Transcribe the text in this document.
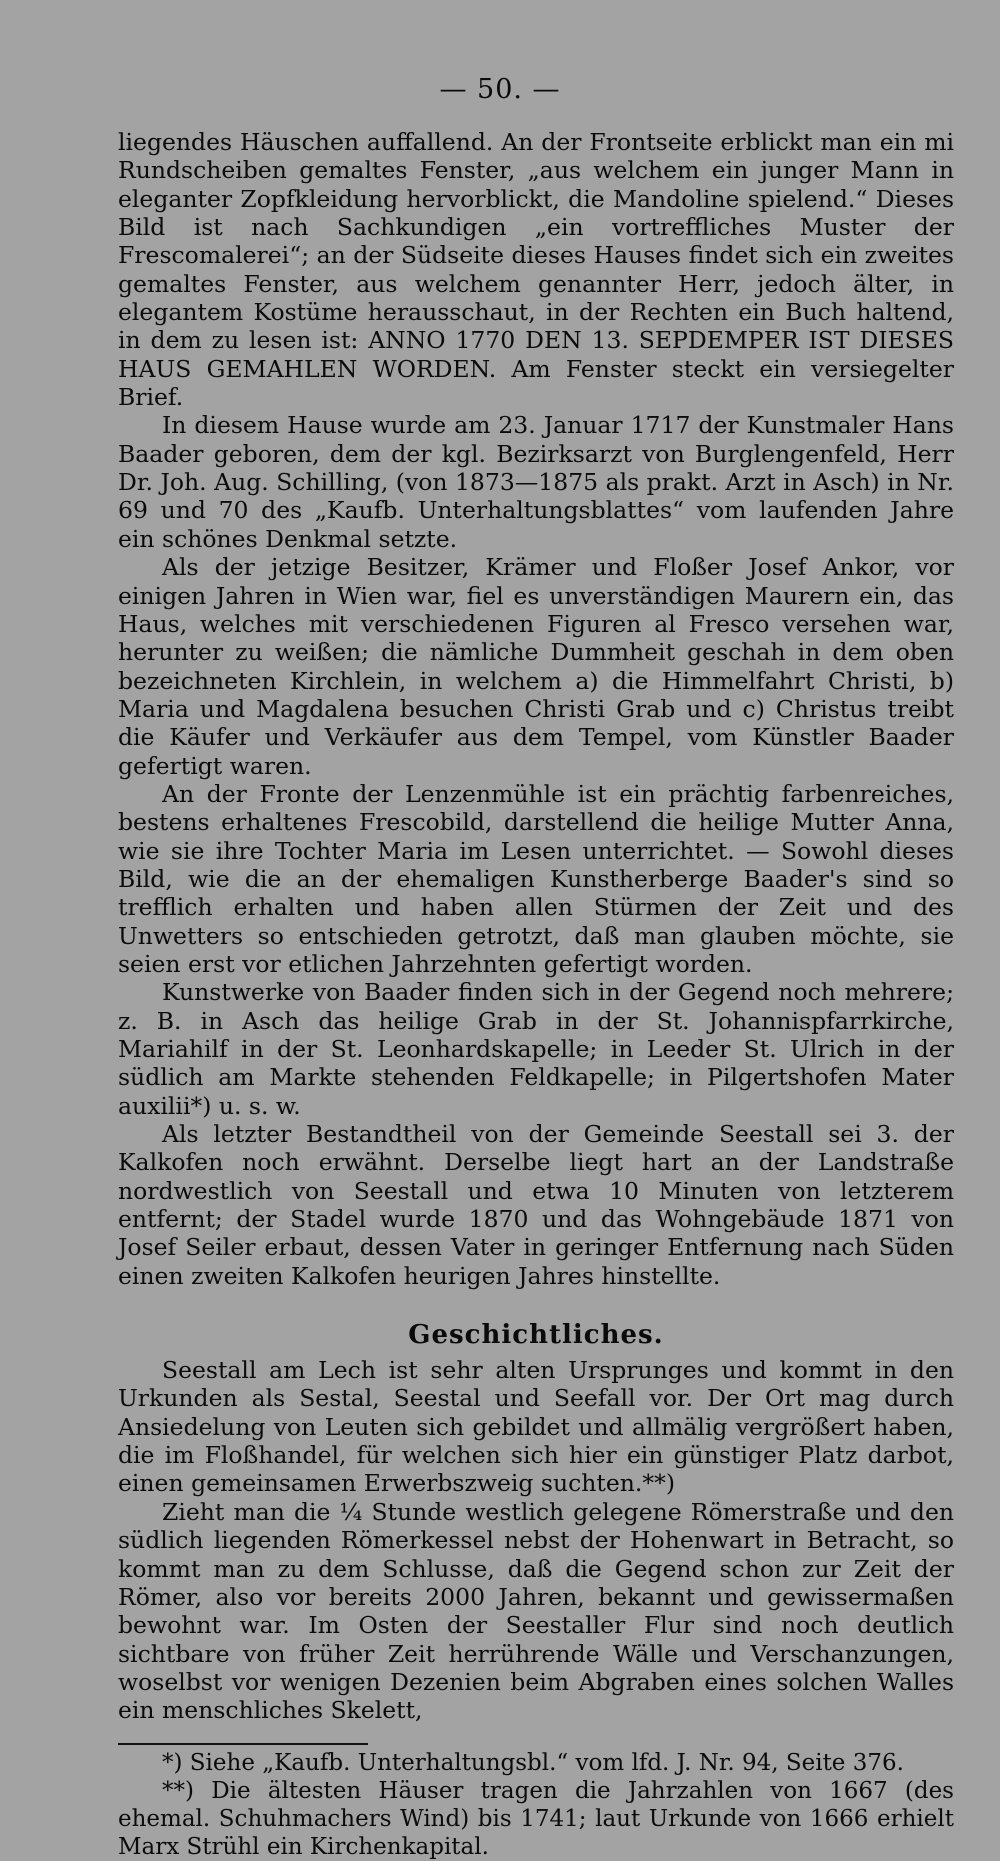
— 50. —

liegendes Häuschen auffallend. An der Frontseite erblickt man ein mi Rundscheiben gemaltes Fenster, „aus welchem ein junger Mann in eleganter Zopfkleidung hervorblickt, die Mandoline spielend.“ Dieses Bild ist nach Sachkundigen „ein vortreffliches Muster der Frescomalerei“; an der Südseite dieses Hauses findet sich ein zweites gemaltes Fenster, aus welchem genannter Herr, jedoch älter, in elegantem Kostüme herausschaut, in der Rechten ein Buch haltend, in dem zu lesen ist: ANNO 1770 DEN 13. SEPDEMPER IST DIESES HAUS GEMAHLEN WORDEN. Am Fenster steckt ein versiegelter Brief.

In diesem Hause wurde am 23. Januar 1717 der Kunstmaler Hans Baader geboren, dem der kgl. Bezirksarzt von Burglengenfeld, Herr Dr. Joh. Aug. Schilling, (von 1873—1875 als prakt. Arzt in Asch) in Nr. 69 und 70 des „Kaufb. Unterhaltungsblattes“ vom laufenden Jahre ein schönes Denkmal setzte.

Als der jetzige Besitzer, Krämer und Floßer Josef Ankor, vor einigen Jahren in Wien war, fiel es unverständigen Maurern ein, das Haus, welches mit verschiedenen Figuren al Fresco versehen war, herunter zu weißen; die nämliche Dummheit geschah in dem oben bezeichneten Kirchlein, in welchem a) die Himmelfahrt Christi, b) Maria und Magdalena besuchen Christi Grab und c) Christus treibt die Käufer und Verkäufer aus dem Tempel, vom Künstler Baader gefertigt waren.

An der Fronte der Lenzenmühle ist ein prächtig farbenreiches, bestens erhaltenes Frescobild, darstellend die heilige Mutter Anna, wie sie ihre Tochter Maria im Lesen unterrichtet. — Sowohl dieses Bild, wie die an der ehemaligen Kunstherberge Baader's sind so trefflich erhalten und haben allen Stürmen der Zeit und des Unwetters so entschieden getrotzt, daß man glauben möchte, sie seien erst vor etlichen Jahrzehnten gefertigt worden.

Kunstwerke von Baader finden sich in der Gegend noch mehrere; z. B. in Asch das heilige Grab in der St. Johannispfarrkirche, Mariahilf in der St. Leonhardskapelle; in Leeder St. Ulrich in der südlich am Markte stehenden Feldkapelle; in Pilgertshofen Mater auxilii*) u. s. w.

Als letzter Bestandtheil von der Gemeinde Seestall sei 3. der Kalkofen noch erwähnt. Derselbe liegt hart an der Landstraße nordwestlich von Seestall und etwa 10 Minuten von letzterem entfernt; der Stadel wurde 1870 und das Wohngebäude 1871 von Josef Seiler erbaut, dessen Vater in geringer Entfernung nach Süden einen zweiten Kalkofen heurigen Jahres hinstellte.

Geschichtliches.

Seestall am Lech ist sehr alten Ursprunges und kommt in den Urkunden als Sestal, Seestal und Seefall vor. Der Ort mag durch Ansiedelung von Leuten sich gebildet und allmälig vergrößert haben, die im Floßhandel, für welchen sich hier ein günstiger Platz darbot, einen gemeinsamen Erwerbszweig suchten.**)

Zieht man die ¼ Stunde westlich gelegene Römerstraße und den südlich liegenden Römerkessel nebst der Hohenwart in Betracht, so kommt man zu dem Schlusse, daß die Gegend schon zur Zeit der Römer, also vor bereits 2000 Jahren, bekannt und gewissermaßen bewohnt war. Im Osten der Seestaller Flur sind noch deutlich sichtbare von früher Zeit herrührende Wälle und Verschanzungen, woselbst vor wenigen Dezenien beim Abgraben eines solchen Walles ein menschliches Skelett,

*) Siehe „Kaufb. Unterhaltungsbl.“ vom lfd. J. Nr. 94, Seite 376.

**) Die ältesten Häuser tragen die Jahrzahlen von 1667 (des ehemal. Schuhmachers Wind) bis 1741; laut Urkunde von 1666 erhielt Marx Strühl ein Kirchenkapital.
